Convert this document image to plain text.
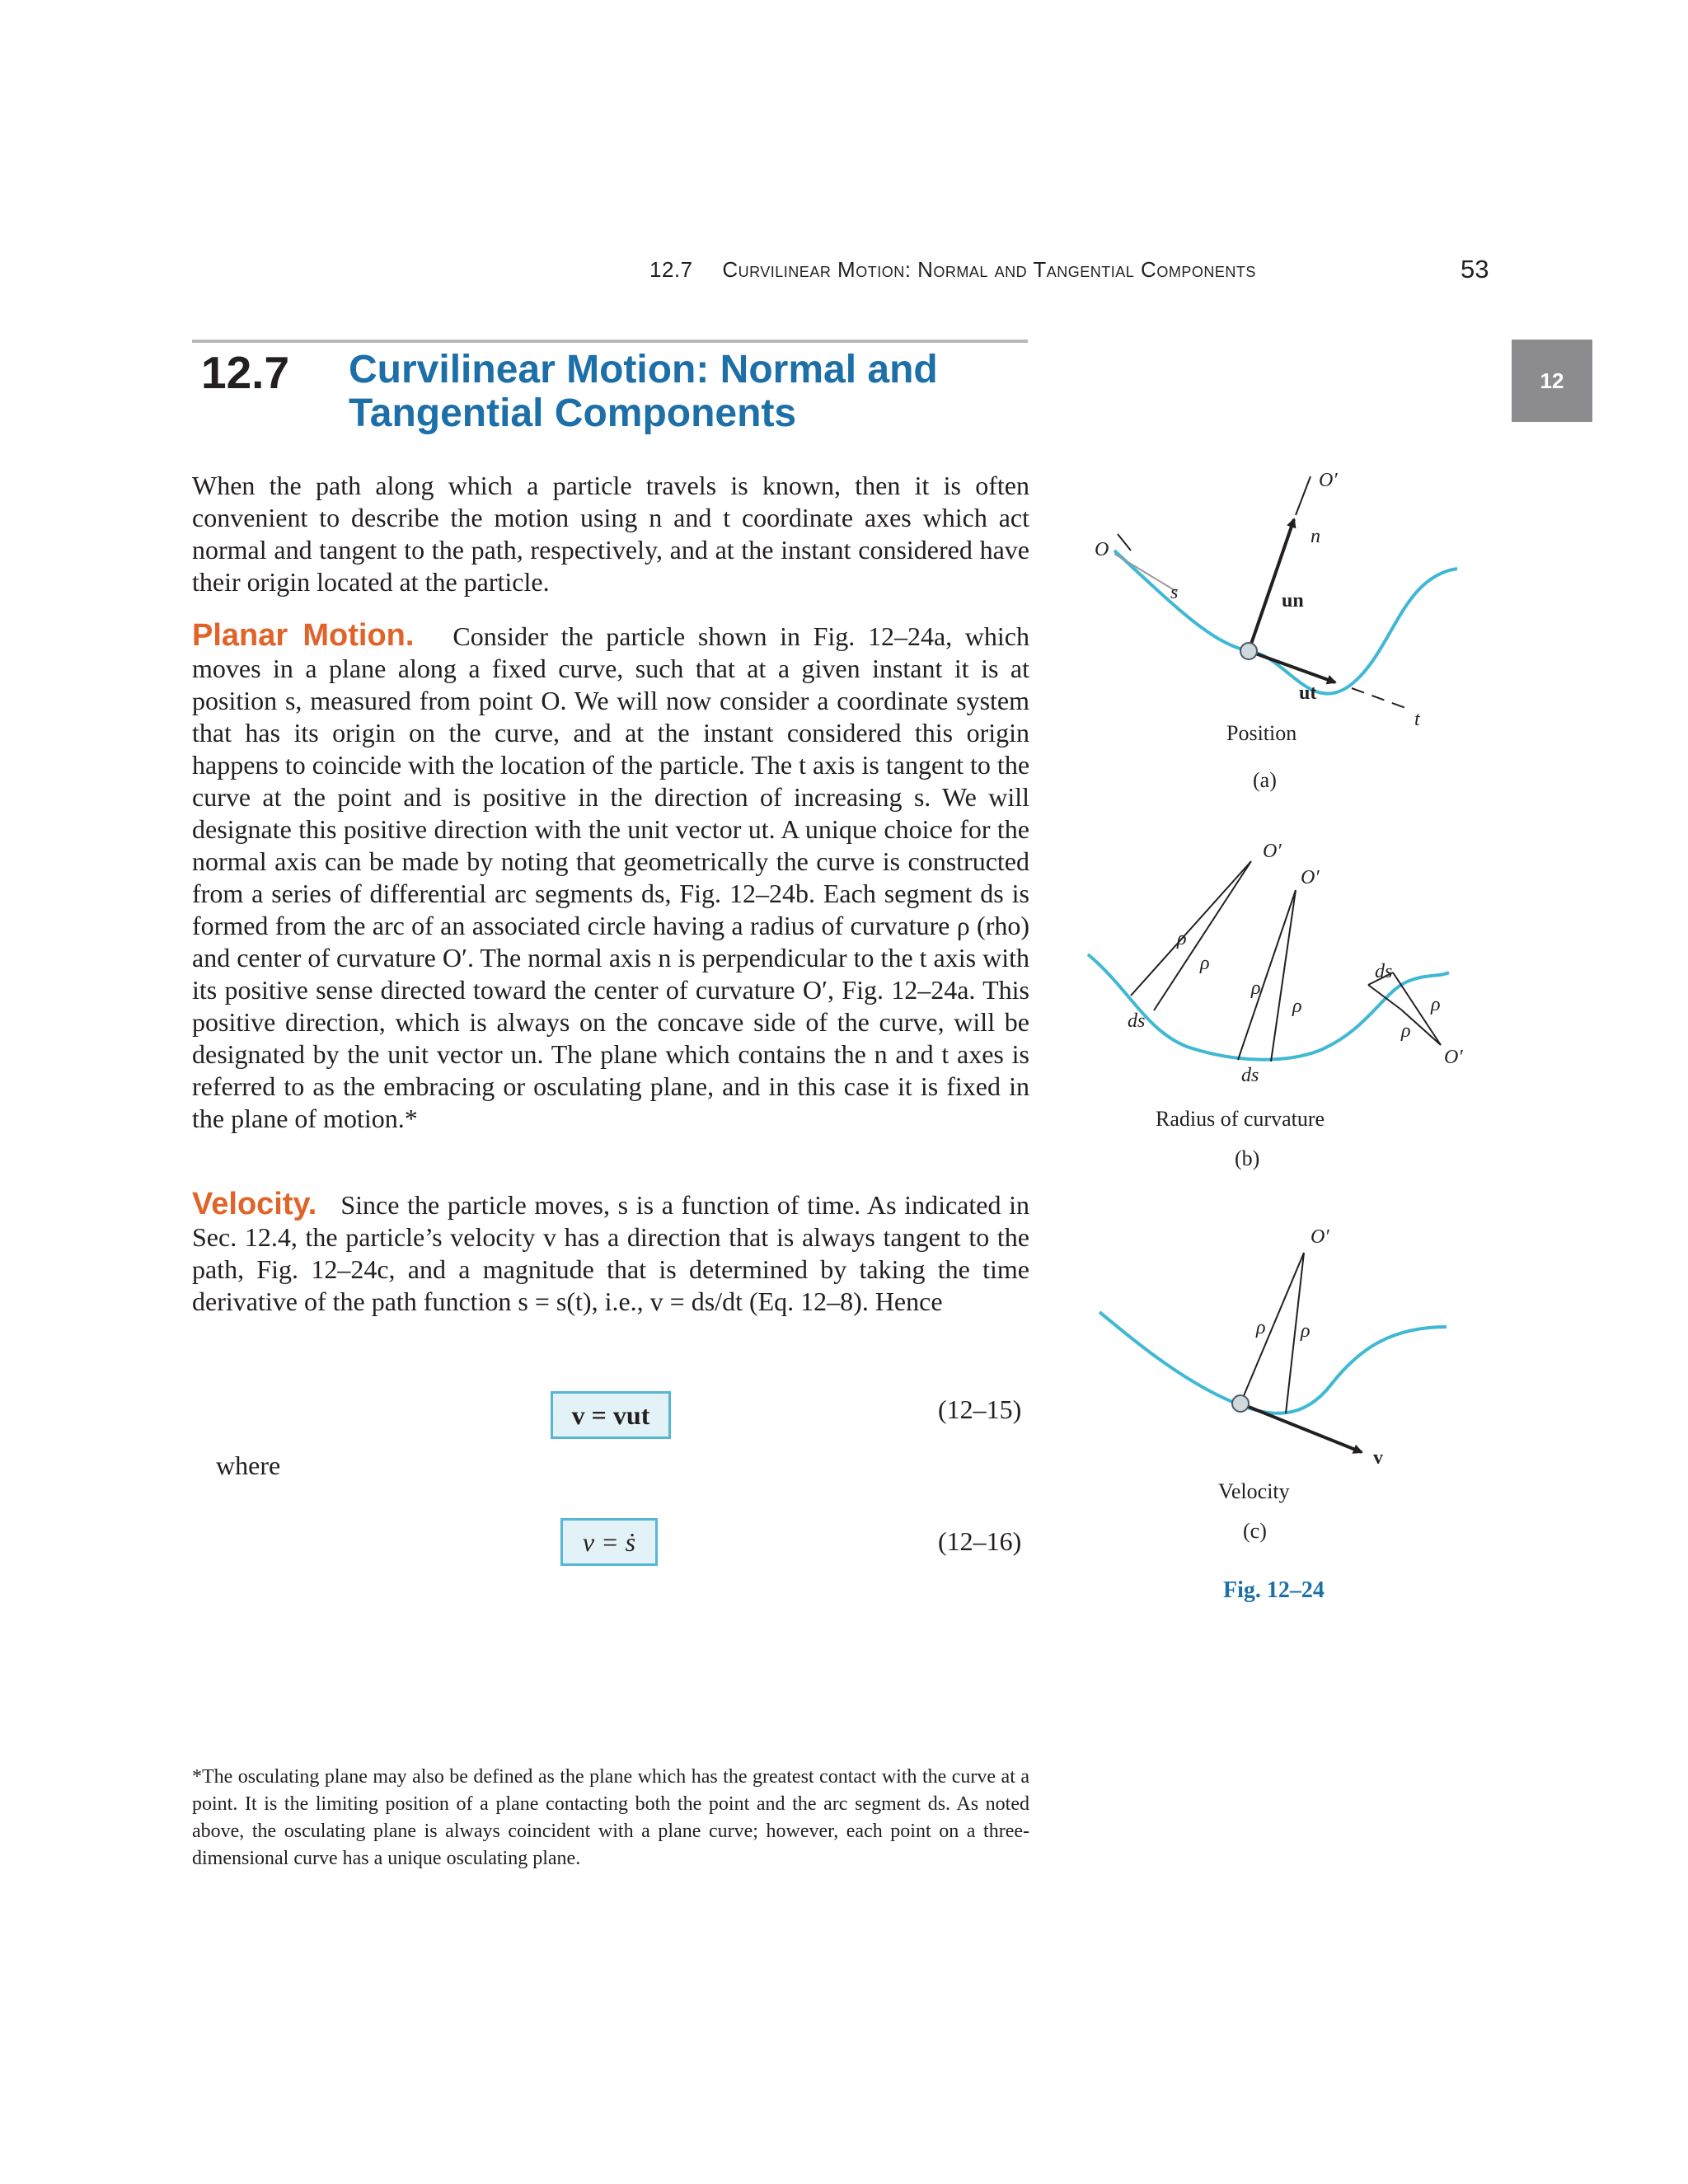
12.7 Curvilinear Motion: Normal and Tangential Components	53
12
12.7 Curvilinear Motion: Normal and
Tangential Components
When the path along which a particle travels is known, then it is often convenient to describe the motion using n and t coordinate axes which act normal and tangent to the path, respectively, and at the instant considered have their origin located at the particle.
Planar Motion. Consider the particle shown in Fig. 12–24a, which moves in a plane along a fixed curve, such that at a given instant it is at position s, measured from point O. We will now consider a coordinate system that has its origin on the curve, and at the instant considered this origin happens to coincide with the location of the particle. The t axis is tangent to the curve at the point and is positive in the direction of increasing s. We will designate this positive direction with the unit vector ut. A unique choice for the normal axis can be made by noting that geometrically the curve is constructed from a series of differential arc segments ds, Fig. 12–24b. Each segment ds is formed from the arc of an associated circle having a radius of curvature ρ (rho) and center of curvature O′. The normal axis n is perpendicular to the t axis with its positive sense directed toward the center of curvature O′, Fig. 12–24a. This positive direction, which is always on the concave side of the curve, will be designated by the unit vector un. The plane which contains the n and t axes is referred to as the embracing or osculating plane, and in this case it is fixed in the plane of motion.*
Velocity. Since the particle moves, s is a function of time. As indicated in Sec. 12.4, the particle’s velocity v has a direction that is always tangent to the path, Fig. 12–24c, and a magnitude that is determined by taking the time derivative of the path function s = s(t), i.e., v = ds/dt (Eq. 12–8). Hence
v = vut	(12–15)
where
v = ṡ	(12–16)
*The osculating plane may also be defined as the plane which has the greatest contact with the curve at a point. It is the limiting position of a plane contacting both the point and the arc segment ds. As noted above, the osculating plane is always coincident with a plane curve; however, each point on a three-dimensional curve has a unique osculating plane.
O
s
n
t
O′
un
ut
Position
(a)
O′
O′
O′
ρ
ρ
ρ
ρ
ρ
ρ
ds
ds
ds
Radius of curvature
(b)
O′
ρ ρ
v
Velocity
(c)
Fig. 12–24
